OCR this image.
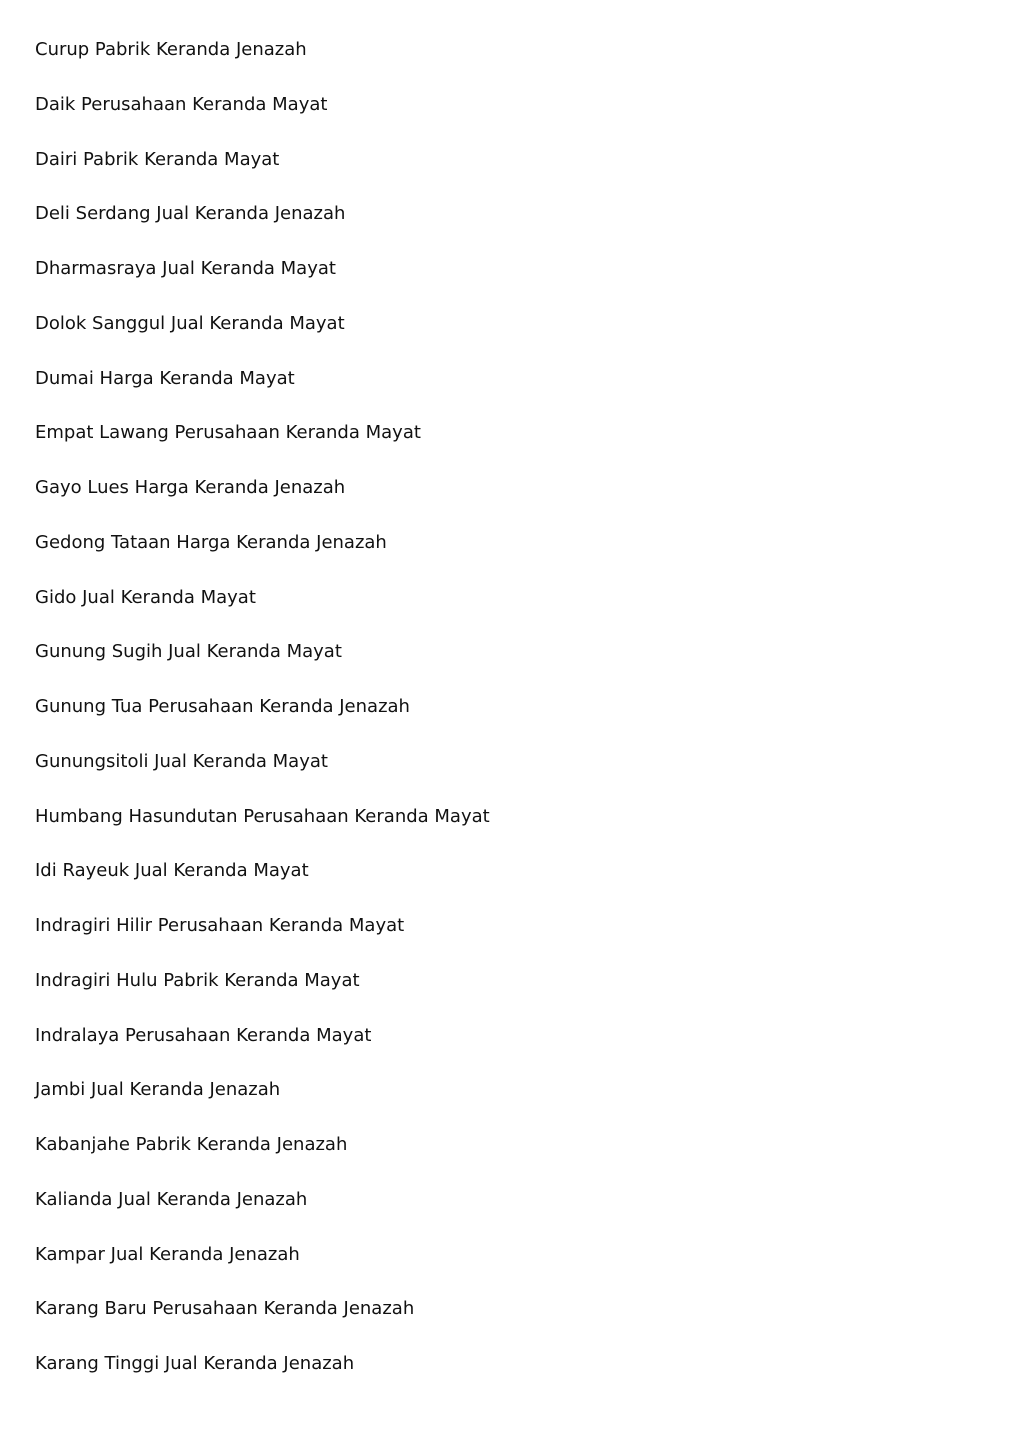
Curup Pabrik Keranda Jenazah
Daik Perusahaan Keranda Mayat
Dairi Pabrik Keranda Mayat
Deli Serdang Jual Keranda Jenazah
Dharmasraya Jual Keranda Mayat
Dolok Sanggul Jual Keranda Mayat
Dumai Harga Keranda Mayat
Empat Lawang Perusahaan Keranda Mayat
Gayo Lues Harga Keranda Jenazah
Gedong Tataan Harga Keranda Jenazah
Gido Jual Keranda Mayat
Gunung Sugih Jual Keranda Mayat
Gunung Tua Perusahaan Keranda Jenazah
Gunungsitoli Jual Keranda Mayat
Humbang Hasundutan Perusahaan Keranda Mayat
Idi Rayeuk Jual Keranda Mayat
Indragiri Hilir Perusahaan Keranda Mayat
Indragiri Hulu Pabrik Keranda Mayat
Indralaya Perusahaan Keranda Mayat
Jambi Jual Keranda Jenazah
Kabanjahe Pabrik Keranda Jenazah
Kalianda Jual Keranda Jenazah
Kampar Jual Keranda Jenazah
Karang Baru Perusahaan Keranda Jenazah
Karang Tinggi Jual Keranda Jenazah
